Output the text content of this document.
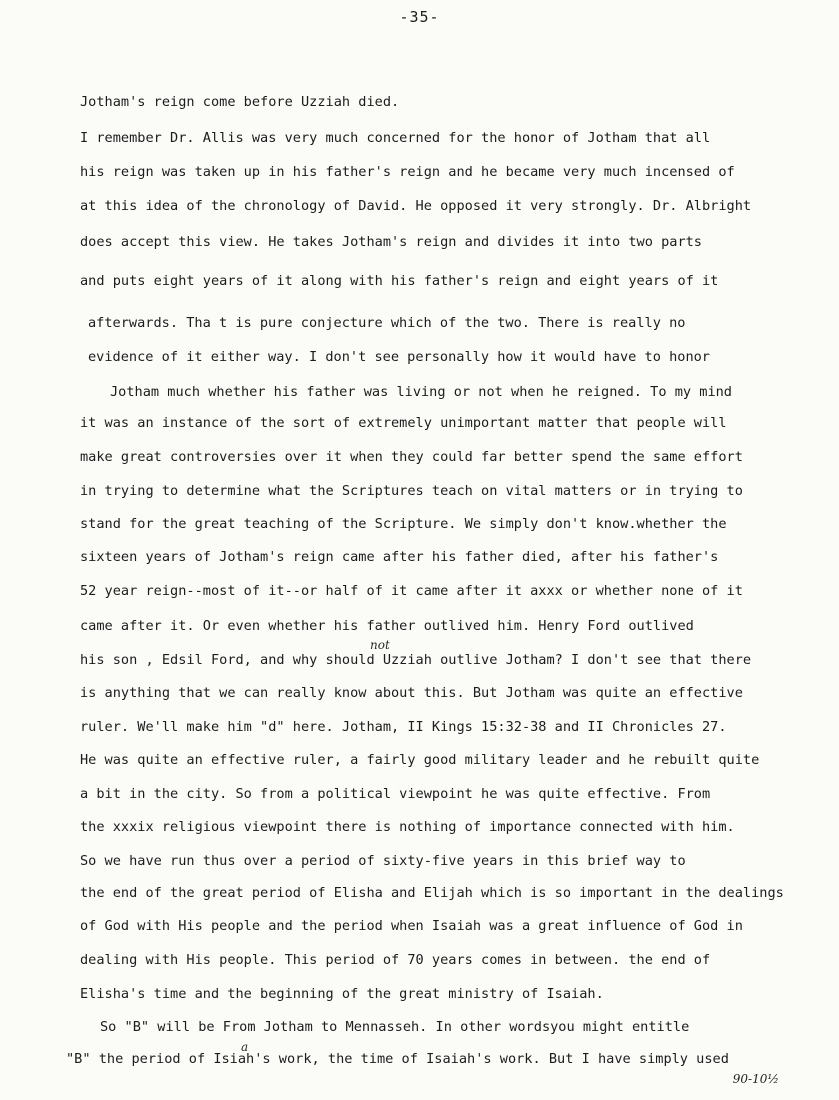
-35-
Jotham's reign come before Uzziah died.
I remember Dr. Allis was very much concerned for the honor of Jotham that all
his reign was taken up in his father's reign and he became very much incensed of
at this idea of the chronology of David. He opposed it very strongly. Dr. Albright
does accept this view. He takes Jotham's reign and divides it into two parts
and puts eight years of it along with his father's reign and eight years of it
afterwards. Tha t is pure conjecture which of the two. There is really no
evidence of it either way. I don't see personally how it would have to honor
Jotham much whether his father was living or not when he reigned. To my mind
it was an instance of the sort of extremely unimportant matter that people will
make great controversies over it when they could far better spend the same effort
in trying to determine what the Scriptures teach on vital matters or in trying to
stand for the great teaching of the Scripture. We simply don't know.whether the
sixteen years of Jotham's reign came after his father died, after his father's
52 year reign--most of it--or half of it came after it axxx or whether none of it
came after it. Or even whether his father outlived him. Henry Ford outlived
his son , Edsil Ford, and why should Uzziah outlive Jotham? I don't see that there
is anything that we can really know about this. But Jotham was quite an effective
ruler. We'll make him "d" here. Jotham, II Kings 15:32-38 and II Chronicles 27.
He was quite an effective ruler, a fairly good military leader and he rebuilt quite
a bit in the city. So from a political viewpoint he was quite effective. From
the xxxix religious viewpoint there is nothing of importance connected with him.
So we have run thus over a period of sixty-five years in this brief way to
the end of the great period of Elisha and Elijah which is so important in the dealings
of God with His people and the period when Isaiah was a great influence of God in
dealing with His people. This period of 70 years comes in between. the end of
Elisha's time and the beginning of the great ministry of Isaiah.
So "B" will be From Jotham to Mennasseh. In other wordsyou might entitle
"B" the period of Isiah's work, the time of Isaiah's work. But I have simply used
not
a
90-10½
